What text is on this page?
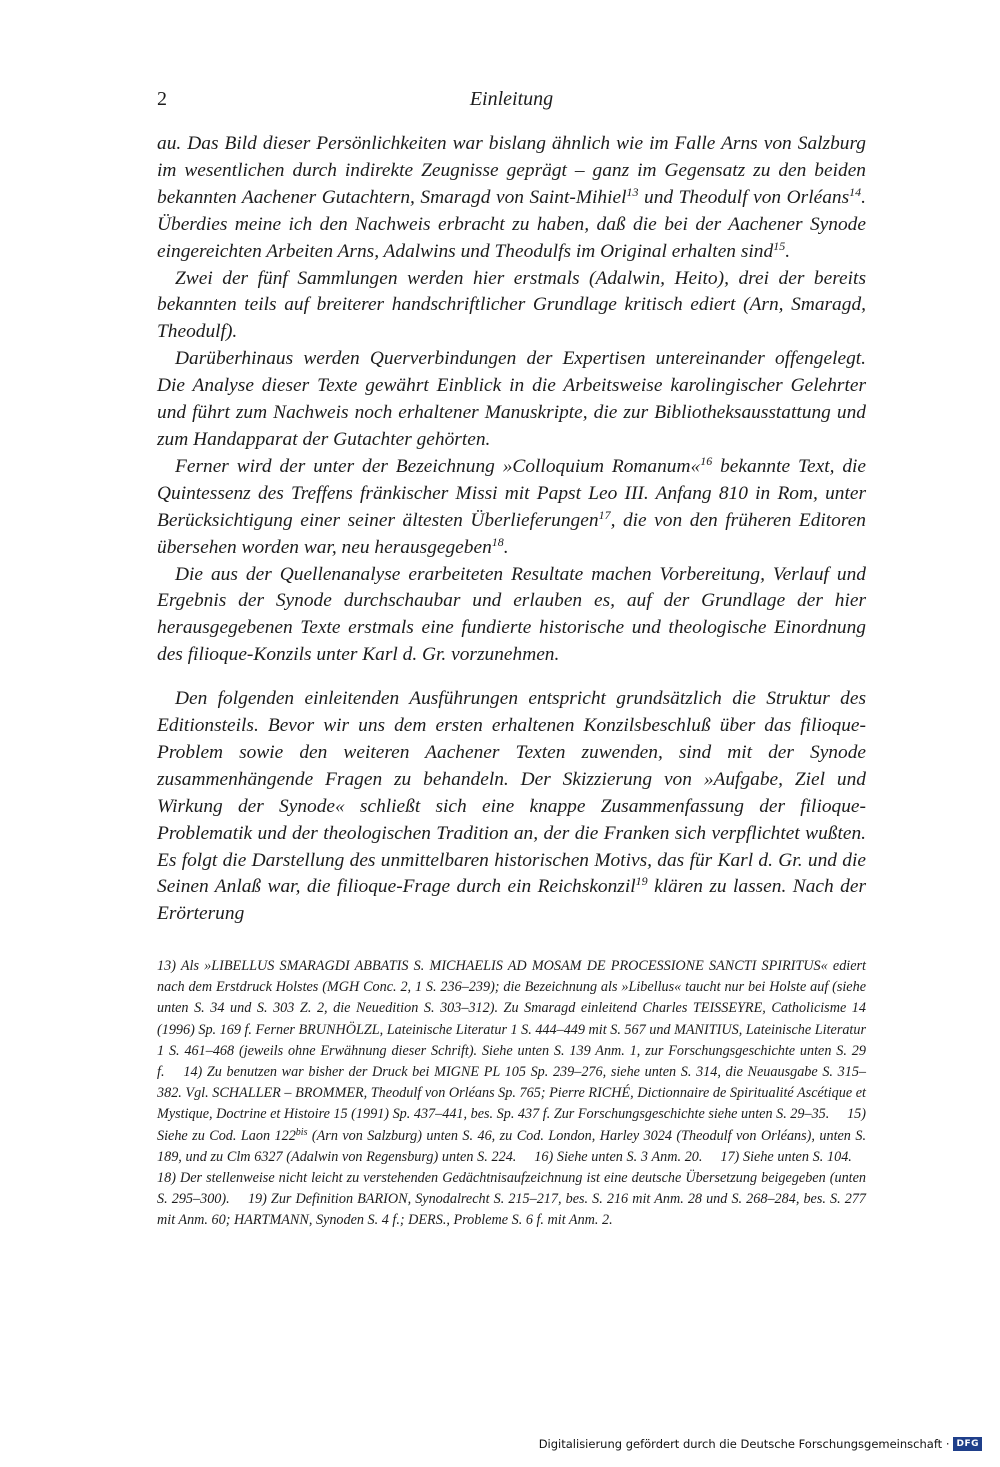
2	Einleitung

au. Das Bild dieser Persönlichkeiten war bislang ähnlich wie im Falle Arns von Salzburg im wesentlichen durch indirekte Zeugnisse geprägt – ganz im Gegensatz zu den beiden bekannten Aachener Gutachtern, Smaragd von Saint-Mihiel$^{13}$ und Theodulf von Orléans$^{14}$. Überdies meine ich den Nachweis erbracht zu haben, daß die bei der Aachener Synode eingereichten Arbeiten Arns, Adalwins und Theodulfs im Original erhalten sind$^{15}$.

Zwei der fünf Sammlungen werden hier erstmals (Adalwin, Heito), drei der bereits bekannten teils auf breiterer handschriftlicher Grundlage kritisch ediert (Arn, Smaragd, Theodulf).

Darüberhinaus werden Querverbindungen der Expertisen untereinander offengelegt. Die Analyse dieser Texte gewährt Einblick in die Arbeitsweise karolingischer Gelehrter und führt zum Nachweis noch erhaltener Manuskripte, die zur Bibliotheksausstattung und zum Handapparat der Gutachter gehörten.

Ferner wird der unter der Bezeichnung »Colloquium Romanum«$^{16}$ bekannte Text, die Quintessenz des Treffens fränkischer Missi mit Papst Leo III. Anfang 810 in Rom, unter Berücksichtigung einer seiner ältesten Überlieferungen$^{17}$, die von den früheren Editoren übersehen worden war, neu herausgegeben$^{18}$.

Die aus der Quellenanalyse erarbeiteten Resultate machen Vorbereitung, Verlauf und Ergebnis der Synode durchschaubar und erlauben es, auf der Grundlage der hier herausgegebenen Texte erstmals eine fundierte historische und theologische Einordnung des filioque-Konzils unter Karl d. Gr. vorzunehmen.

Den folgenden einleitenden Ausführungen entspricht grundsätzlich die Struktur des Editionsteils. Bevor wir uns dem ersten erhaltenen Konzilsbeschluß über das filioque-Problem sowie den weiteren Aachener Texten zuwenden, sind mit der Synode zusammenhängende Fragen zu behandeln. Der Skizzierung von »Aufgabe, Ziel und Wirkung der Synode« schließt sich eine knappe Zusammenfassung der filioque-Problematik und der theologischen Tradition an, der die Franken sich verpflichtet wußten. Es folgt die Darstellung des unmittelbaren historischen Motivs, das für Karl d. Gr. und die Seinen Anlaß war, die filioque-Frage durch ein Reichskonzil$^{19}$ klären zu lassen. Nach der Erörterung

13) Als »LIBELLUS SMARAGDI ABBATIS S. MICHAELIS AD MOSAM DE PROCESSIONE SANCTI SPIRITUS« ediert nach dem Erstdruck Holstes (MGH Conc. 2, 1 S. 236–239); die Bezeichnung als »Libellus« taucht nur bei Holste auf (siehe unten S. 34 und S. 303 Z. 2, die Neuedition S. 303–312). Zu Smaragd einleitend Charles TEISSEYRE, Catholicisme 14 (1996) Sp. 169 f. Ferner BRUNHÖLZL, Lateinische Literatur 1 S. 444–449 mit S. 567 und MANITIUS, Lateinische Literatur 1 S. 461–468 (jeweils ohne Erwähnung dieser Schrift). Siehe unten S. 139 Anm. 1, zur Forschungsgeschichte unten S. 29 f.  14) Zu benutzen war bisher der Druck bei MIGNE PL 105 Sp. 239–276, siehe unten S. 314, die Neuausgabe S. 315–382. Vgl. SCHALLER – BROMMER, Theodulf von Orléans Sp. 765; Pierre RICHÉ, Dictionnaire de Spiritualité Ascétique et Mystique, Doctrine et Histoire 15 (1991) Sp. 437–441, bes. Sp. 437 f. Zur Forschungsgeschichte siehe unten S. 29–35.  15) Siehe zu Cod. Laon $122^{bis}$ (Arn von Salzburg) unten S. 46, zu Cod. London, Harley 3024 (Theodulf von Orléans), unten S. 189, und zu Clm 6327 (Adalwin von Regensburg) unten S. 224.  16) Siehe unten S. 3 Anm. 20.  17) Siehe unten S. 104.  18) Der stellenweise nicht leicht zu verstehenden Gedächtnisaufzeichnung ist eine deutsche Übersetzung beigegeben (unten S. 295–300).  19) Zur Definition BARION, Synodalrecht S. 215–217, bes. S. 216 mit Anm. 28 und S. 268–284, bes. S. 277 mit Anm. 60; HARTMANN, Synoden S. 4 f.; DERS., Probleme S. 6 f. mit Anm. 2.
Digitalisierung gefördert durch die Deutsche Forschungsgemeinschaft · DFG
